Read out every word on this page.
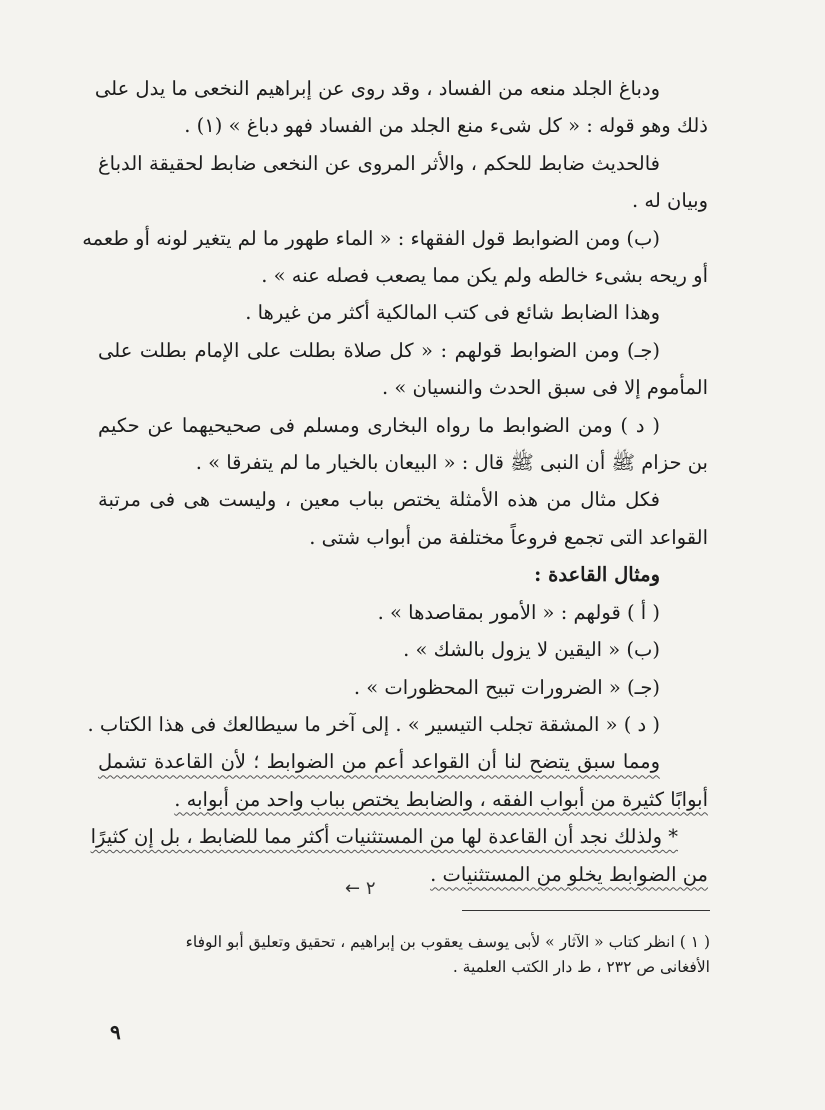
ودباغ الجلد منعه من الفساد ، وقد روى عن إبراهيم النخعى ما يدل على
ذلك وهو قوله : « كل شىء منع الجلد من الفساد فهو دباغ » (١) .
فالحديث ضابط للحكم ، والأثر المروى عن النخعى ضابط لحقيقة الدباغ
وبيان له .
(ب) ومن الضوابط قول الفقهاء : « الماء طهور ما لم يتغير لونه أو طعمه
أو ريحه بشىء خالطه ولم يكن مما يصعب فصله عنه » .
وهذا الضابط شائع فى كتب المالكية أكثر من غيرها .
(جـ) ومن الضوابط قولهم : « كل صلاة بطلت على الإمام بطلت على
المأموم إلا فى سبق الحدث والنسيان » .
( د ) ومن الضوابط ما رواه البخارى ومسلم فى صحيحيهما عن حكيم
بن حزام ﷺ أن النبى ﷺ قال : « البيعان بالخيار ما لم يتفرقا » .
فكل مثال من هذه الأمثلة يختص بباب معين ، وليست هى فى مرتبة
القواعد التى تجمع فروعاً مختلفة من أبواب شتى .
ومثال القاعدة :
( أ ) قولهم : « الأمور بمقاصدها » .
(ب) « اليقين لا يزول بالشك » .
(جـ) « الضرورات تبيح المحظورات » .
( د ) « المشقة تجلب التيسير » . إلى آخر ما سيطالعك فى هذا الكتاب .
ومما سبق يتضح لنا أن القواعد أعم من الضوابط ؛ لأن القاعدة تشمل
أبوابًا كثيرة من أبواب الفقه ، والضابط يختص بباب واحد من أبوابه .
* ولذلك نجد أن القاعدة لها من المستثنيات أكثر مما للضابط ، بل إن كثيرًا
من الضوابط يخلو من المستثنيات .
← ٢
( ١ ) انظر كتاب « الآثار » لأبى يوسف يعقوب بن إبراهيم ، تحقيق وتعليق أبو الوفاء
الأفغانى ص ٢٣٢ ، ط دار الكتب العلمية .
٩
